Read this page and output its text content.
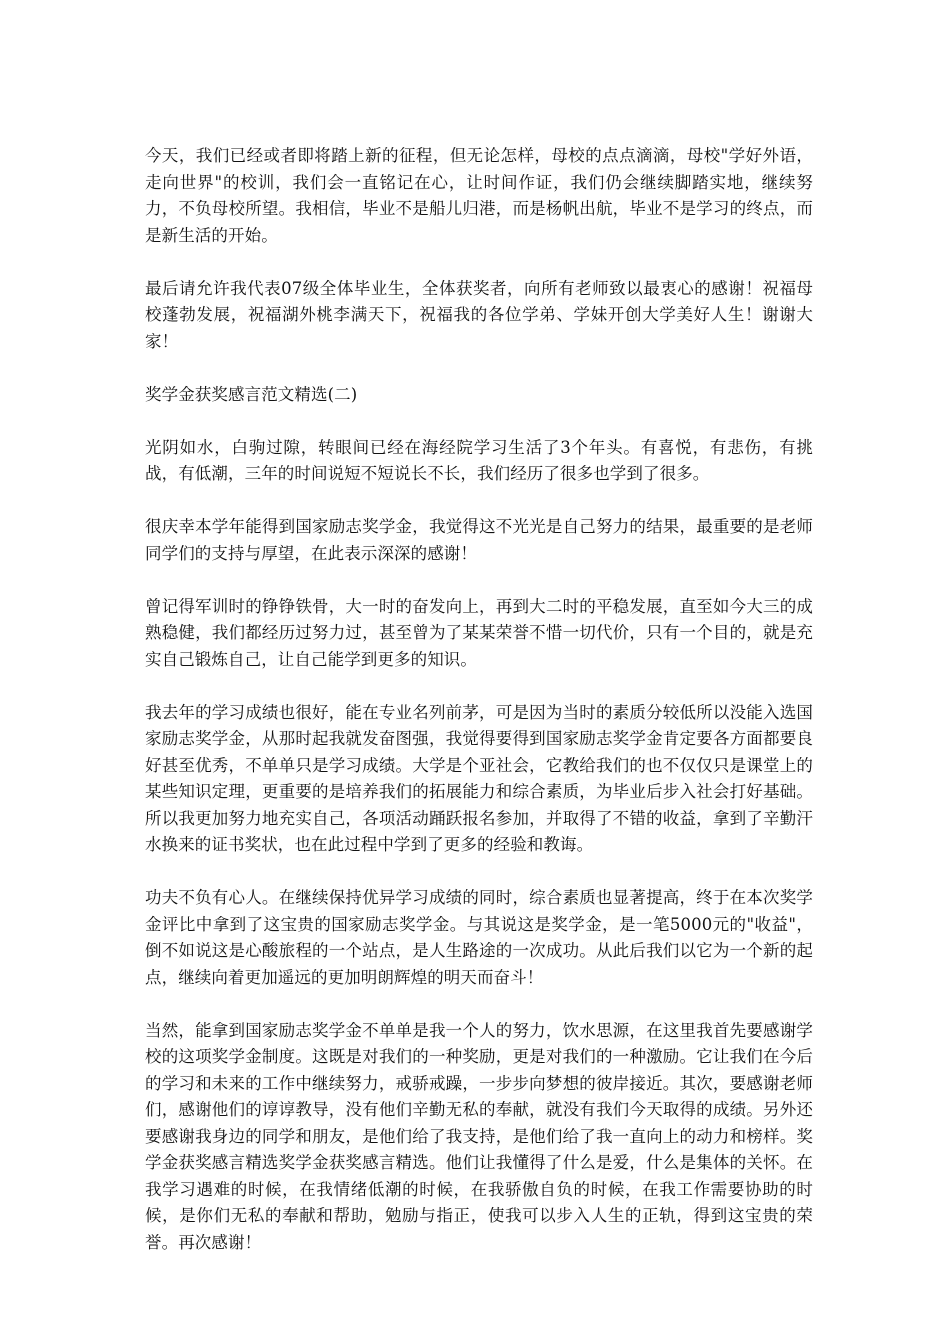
今天，我们已经或者即将踏上新的征程，但无论怎样，母校的点点滴滴，母校"学好外语，走向世界"的校训，我们会一直铭记在心，让时间作证，我们仍会继续脚踏实地，继续努力，不负母校所望。我相信，毕业不是船儿归港，而是杨帆出航，毕业不是学习的终点，而是新生活的开始。

最后请允许我代表07级全体毕业生，全体获奖者，向所有老师致以最衷心的感谢！祝福母校蓬勃发展，祝福湖外桃李满天下，祝福我的各位学弟、学妹开创大学美好人生！谢谢大家！

奖学金获奖感言范文精选(二)

光阴如水，白驹过隙，转眼间已经在海经院学习生活了3个年头。有喜悦，有悲伤，有挑战，有低潮，三年的时间说短不短说长不长，我们经历了很多也学到了很多。

很庆幸本学年能得到国家励志奖学金，我觉得这不光光是自己努力的结果，最重要的是老师同学们的支持与厚望，在此表示深深的感谢！

曾记得军训时的铮铮铁骨，大一时的奋发向上，再到大二时的平稳发展，直至如今大三的成熟稳健，我们都经历过努力过，甚至曾为了某某荣誉不惜一切代价，只有一个目的，就是充实自己锻炼自己，让自己能学到更多的知识。

我去年的学习成绩也很好，能在专业名列前茅，可是因为当时的素质分较低所以没能入选国家励志奖学金，从那时起我就发奋图强，我觉得要得到国家励志奖学金肯定要各方面都要良好甚至优秀，不单单只是学习成绩。大学是个亚社会，它教给我们的也不仅仅只是课堂上的某些知识定理，更重要的是培养我们的拓展能力和综合素质，为毕业后步入社会打好基础。所以我更加努力地充实自己，各项活动踊跃报名参加，并取得了不错的收益，拿到了辛勤汗水换来的证书奖状，也在此过程中学到了更多的经验和教诲。

功夫不负有心人。在继续保持优异学习成绩的同时，综合素质也显著提高，终于在本次奖学金评比中拿到了这宝贵的国家励志奖学金。与其说这是奖学金，是一笔5000元的"收益"，倒不如说这是心酸旅程的一个站点，是人生路途的一次成功。从此后我们以它为一个新的起点，继续向着更加遥远的更加明朗辉煌的明天而奋斗！

当然，能拿到国家励志奖学金不单单是我一个人的努力，饮水思源，在这里我首先要感谢学校的这项奖学金制度。这既是对我们的一种奖励，更是对我们的一种激励。它让我们在今后的学习和未来的工作中继续努力，戒骄戒躁，一步步向梦想的彼岸接近。其次，要感谢老师们，感谢他们的谆谆教导，没有他们辛勤无私的奉献，就没有我们今天取得的成绩。另外还要感谢我身边的同学和朋友，是他们给了我支持，是他们给了我一直向上的动力和榜样。奖学金获奖感言精选奖学金获奖感言精选。他们让我懂得了什么是爱，什么是集体的关怀。在我学习遇难的时候，在我情绪低潮的时候，在我骄傲自负的时候，在我工作需要协助的时候，是你们无私的奉献和帮助，勉励与指正，使我可以步入人生的正轨，得到这宝贵的荣誉。再次感谢！
